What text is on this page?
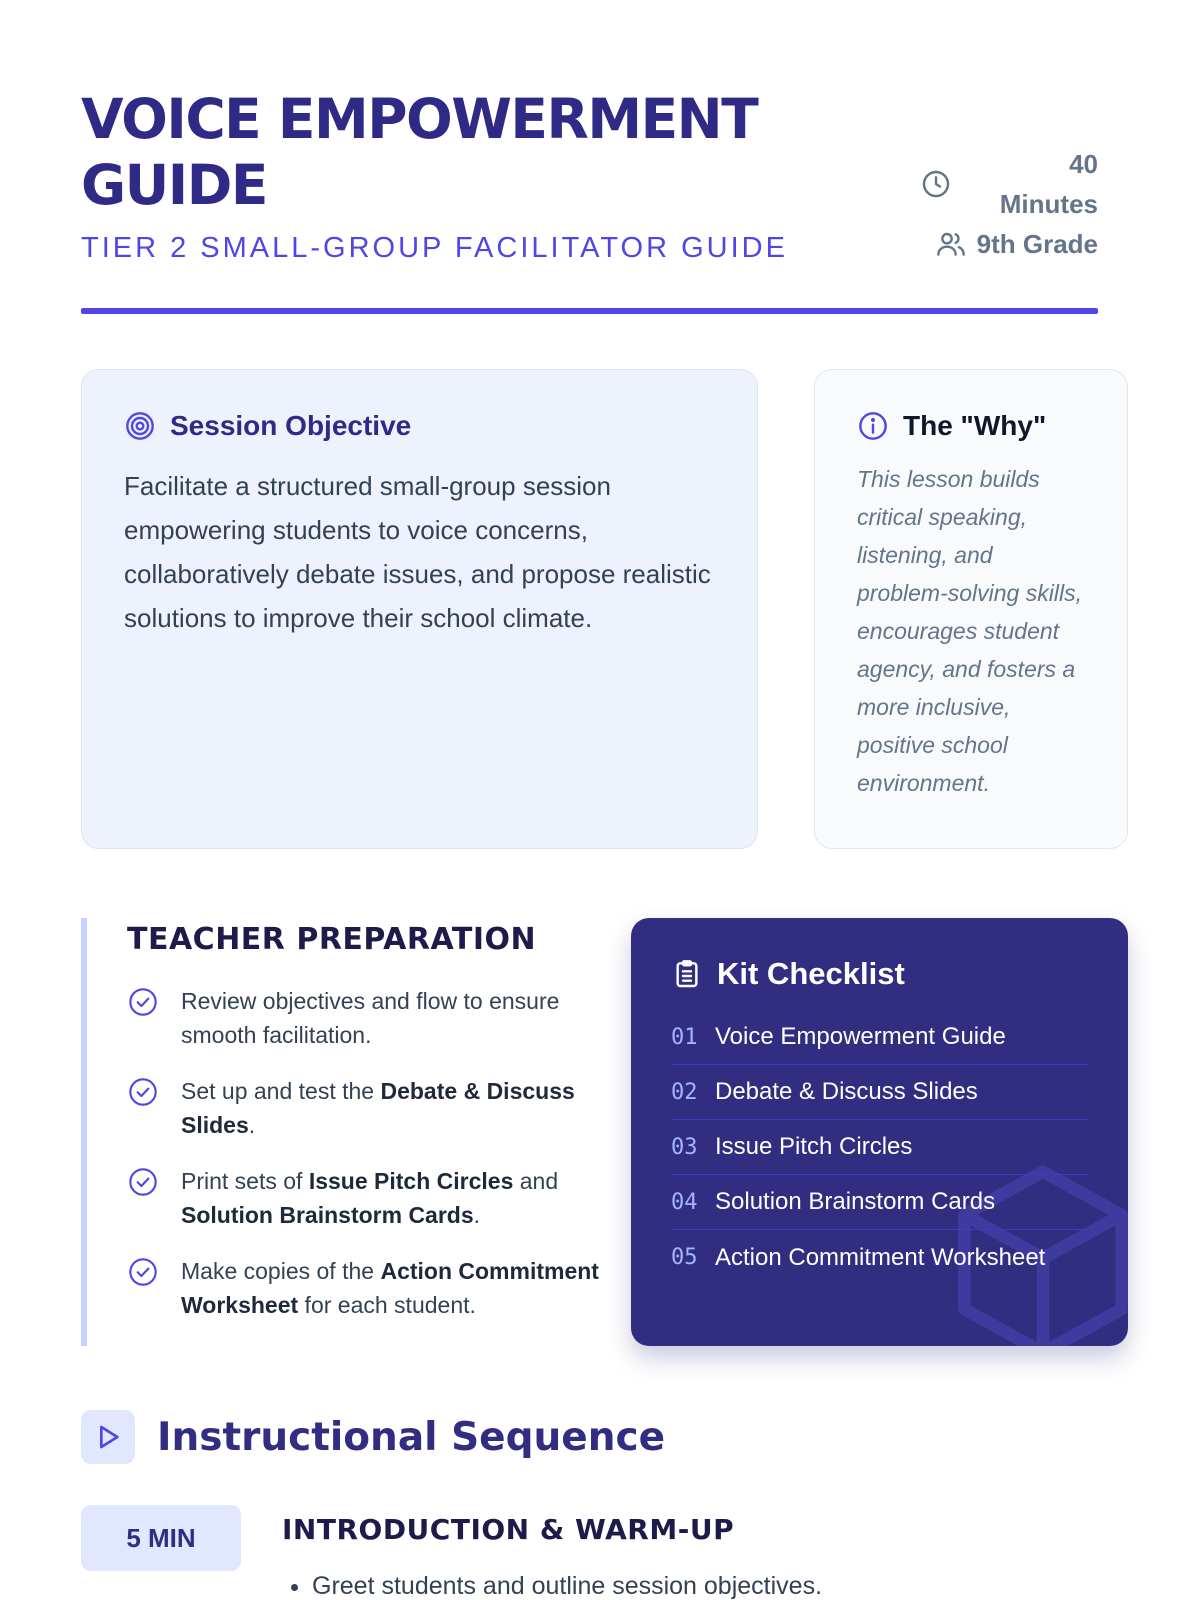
VOICE EMPOWERMENT GUIDE
TIER 2 SMALL-GROUP FACILITATOR GUIDE
40 Minutes
9th Grade
Session Objective

Facilitate a structured small-group session empowering students to voice concerns, collaboratively debate issues, and propose realistic solutions to improve their school climate.

The "Why"

This lesson builds critical speaking, listening, and problem-solving skills, encourages student agency, and fosters a more inclusive, positive school environment.

TEACHER PREPARATION
Review objectives and flow to ensure smooth facilitation.
Set up and test the Debate & Discuss Slides.
Print sets of Issue Pitch Circles and Solution Brainstorm Cards.
Make copies of the Action Commitment Worksheet for each student.
Kit Checklist
01 Voice Empowerment Guide
02 Debate & Discuss Slides
03 Issue Pitch Circles
04 Solution Brainstorm Cards
05 Action Commitment Worksheet
Instructional Sequence
5 MIN	INTRODUCTION & WARM-UP
• Greet students and outline session objectives.
